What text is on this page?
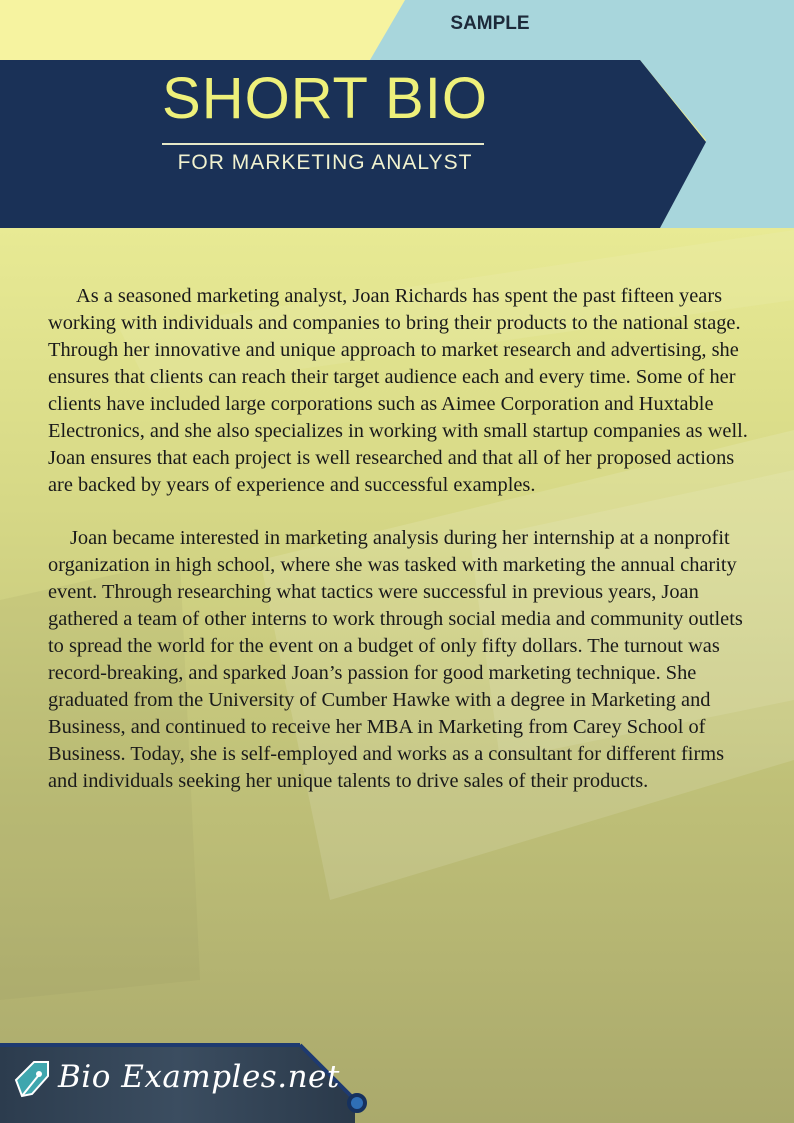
SAMPLE
SHORT BIO
FOR MARKETING ANALYST

As a seasoned marketing analyst, Joan Richards has spent the past fifteen years working with individuals and companies to bring their products to the national stage. Through her innovative and unique approach to market research and advertising, she ensures that clients can reach their target audience each and every time. Some of her clients have included large corporations such as Aimee Corporation and Huxtable Electronics, and she also specializes in working with small startup companies as well. Joan ensures that each project is well researched and that all of her proposed actions are backed by years of experience and successful examples.

Joan became interested in marketing analysis during her internship at a nonprofit organization in high school, where she was tasked with marketing the annual charity event. Through researching what tactics were successful in previous years, Joan gathered a team of other interns to work through social media and community outlets to spread the world for the event on a budget of only fifty dollars. The turnout was record-breaking, and sparked Joan’s passion for good marketing technique. She graduated from the University of Cumber Hawke with a degree in Marketing and Business, and continued to receive her MBA in Marketing from Carey School of Business. Today, she is self-employed and works as a consultant for different firms and individuals seeking her unique talents to drive sales of their products.

Bio Examples.net
